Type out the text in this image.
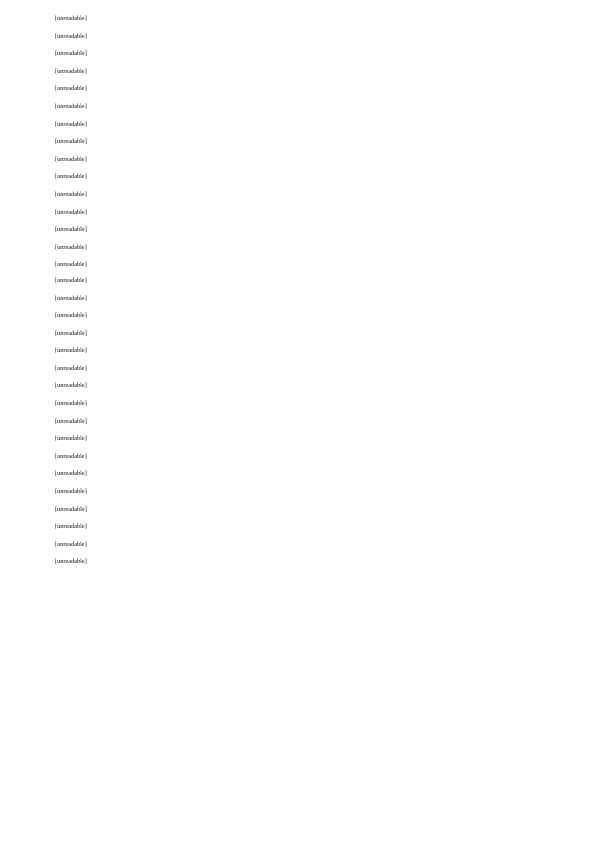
[unreadable]

[unreadable]

[unreadable]

[unreadable]

[unreadable]

[unreadable]

[unreadable]

[unreadable]

[unreadable]

[unreadable]

[unreadable]

[unreadable]

[unreadable]

[unreadable]

[unreadable]

[unreadable]

[unreadable]

[unreadable]

[unreadable]

[unreadable]

[unreadable]

[unreadable]

[unreadable]

[unreadable]

[unreadable]

[unreadable]

[unreadable]

[unreadable]

[unreadable]

[unreadable]

[unreadable]

[unreadable]
